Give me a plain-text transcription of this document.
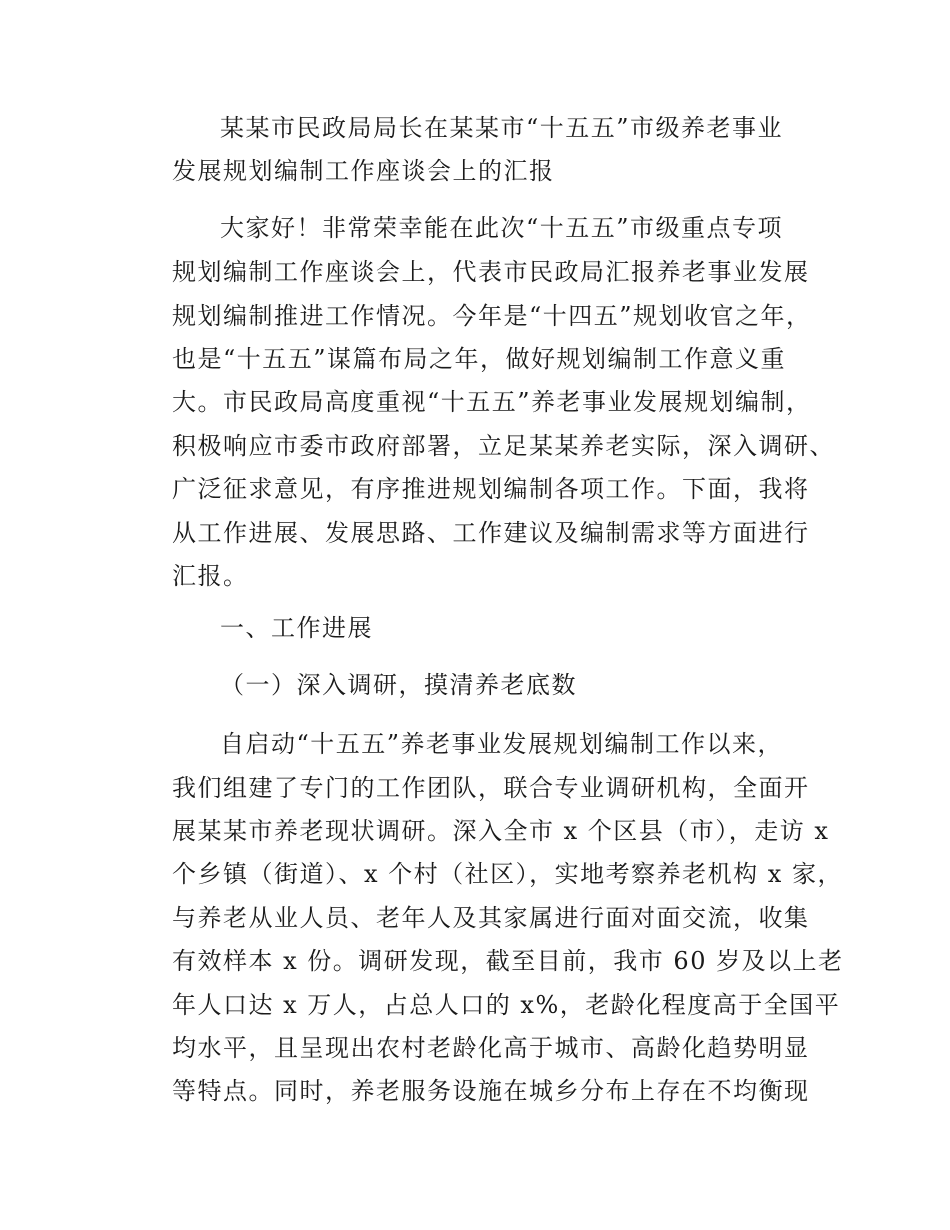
某某市民政局局长在某某市“十五五”市级养老事业
发展规划编制工作座谈会上的汇报
大家好！非常荣幸能在此次“十五五”市级重点专项
规划编制工作座谈会上，代表市民政局汇报养老事业发展
规划编制推进工作情况。今年是“十四五”规划收官之年，
也是“十五五”谋篇布局之年，做好规划编制工作意义重
大。市民政局高度重视“十五五”养老事业发展规划编制，
积极响应市委市政府部署，立足某某养老实际，深入调研、
广泛征求意见，有序推进规划编制各项工作。下面，我将
从工作进展、发展思路、工作建议及编制需求等方面进行
汇报。
一、工作进展
（一）深入调研，摸清养老底数
自启动“十五五”养老事业发展规划编制工作以来，
我们组建了专门的工作团队，联合专业调研机构，全面开
展某某市养老现状调研。深入全市 x 个区县（市），走访 x
个乡镇（街道）、x 个村（社区），实地考察养老机构 x 家，
与养老从业人员、老年人及其家属进行面对面交流，收集
有效样本 x 份。调研发现，截至目前，我市 60 岁及以上老
年人口达 x 万人，占总人口的 x%，老龄化程度高于全国平
均水平，且呈现出农村老龄化高于城市、高龄化趋势明显
等特点。同时，养老服务设施在城乡分布上存在不均衡现
